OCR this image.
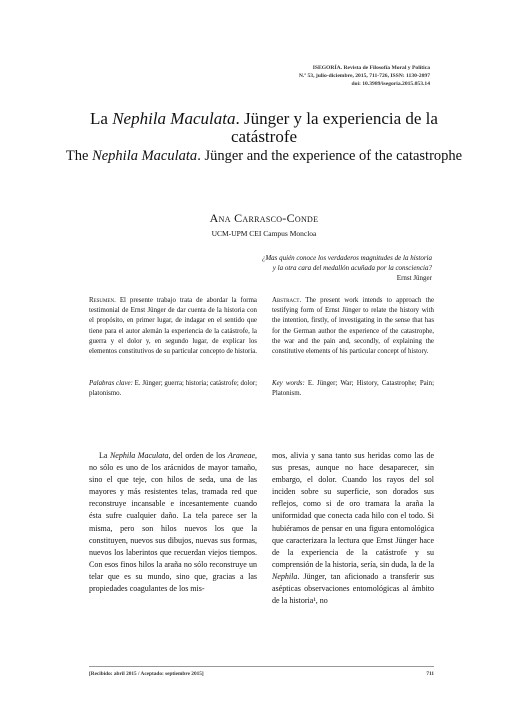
ISEGORÍA. Revista de Filosofía Moral y Política
N.º 53, julio-diciembre, 2015, 711-726, ISSN: 1130-2097
doi: 10.3989/isegoria.2015.053.14
La Nephila Maculata. Jünger y la experiencia de la catástrofe
The Nephila Maculata. Jünger and the experience of the catastrophe
Ana Carrasco-Conde
UCM-UPM CEI Campus Moncloa
¿Mas quién conoce los verdaderos magnitudes de la historia
y la otra cara del medallón acuñada por la consciencia?
Ernst Jünger
Resumen. El presente trabajo trata de abordar la forma testimonial de Ernst Jünger de dar cuenta de la historia con el propósito, en primer lugar, de indagar en el sentido que tiene para el autor alemán la experiencia de la catástrofe, la guerra y el dolor y, en segundo lugar, de explicar los elementos constitutivos de su particular concepto de historia.
Abstract. The present work intends to approach the testifying form of Ernst Jünger to relate the history with the intention, firstly, of investigating in the sense that has for the German author the experience of the catastrophe, the war and the pain and, secondly, of explaining the constitutive elements of his particular concept of history.
Palabras clave: E. Jünger; guerra; historia; catástrofe; dolor; platonismo.
Key words: E. Jünger; War; History, Catastrophe; Pain; Platonism.
La Nephila Maculata, del orden de los Araneae, no sólo es uno de los arácnidos de mayor tamaño, sino el que teje, con hilos de seda, una de las mayores y más resistentes telas, tramada red que reconstruye incansable e incesantemente cuando ésta sufre cualquier daño. La tela parece ser la misma, pero son hilos nuevos los que la constituyen, nuevos sus dibujos, nuevas sus formas, nuevos los laberintos que recuerdan viejos tiempos. Con esos finos hilos la araña no sólo reconstruye un telar que es su mundo, sino que, gracias a las propiedades coagulantes de los mis-
mos, alivia y sana tanto sus heridas como las de sus presas, aunque no hace desaparecer, sin embargo, el dolor. Cuando los rayos del sol inciden sobre su superficie, son dorados sus reflejos, como si de oro tramara la araña la uniformidad que conecta cada hilo con el todo. Si hubiéramos de pensar en una figura entomológica que caracterizara la lectura que Ernst Jünger hace de la experiencia de la catástrofe y su comprensión de la historia, sería, sin duda, la de la Nephila. Jünger, tan aficionado a transferir sus asépticas observaciones entomológicas al ámbito de la historia¹, no
[Recibido: abril 2015 / Aceptado: septiembre 2015]	711
